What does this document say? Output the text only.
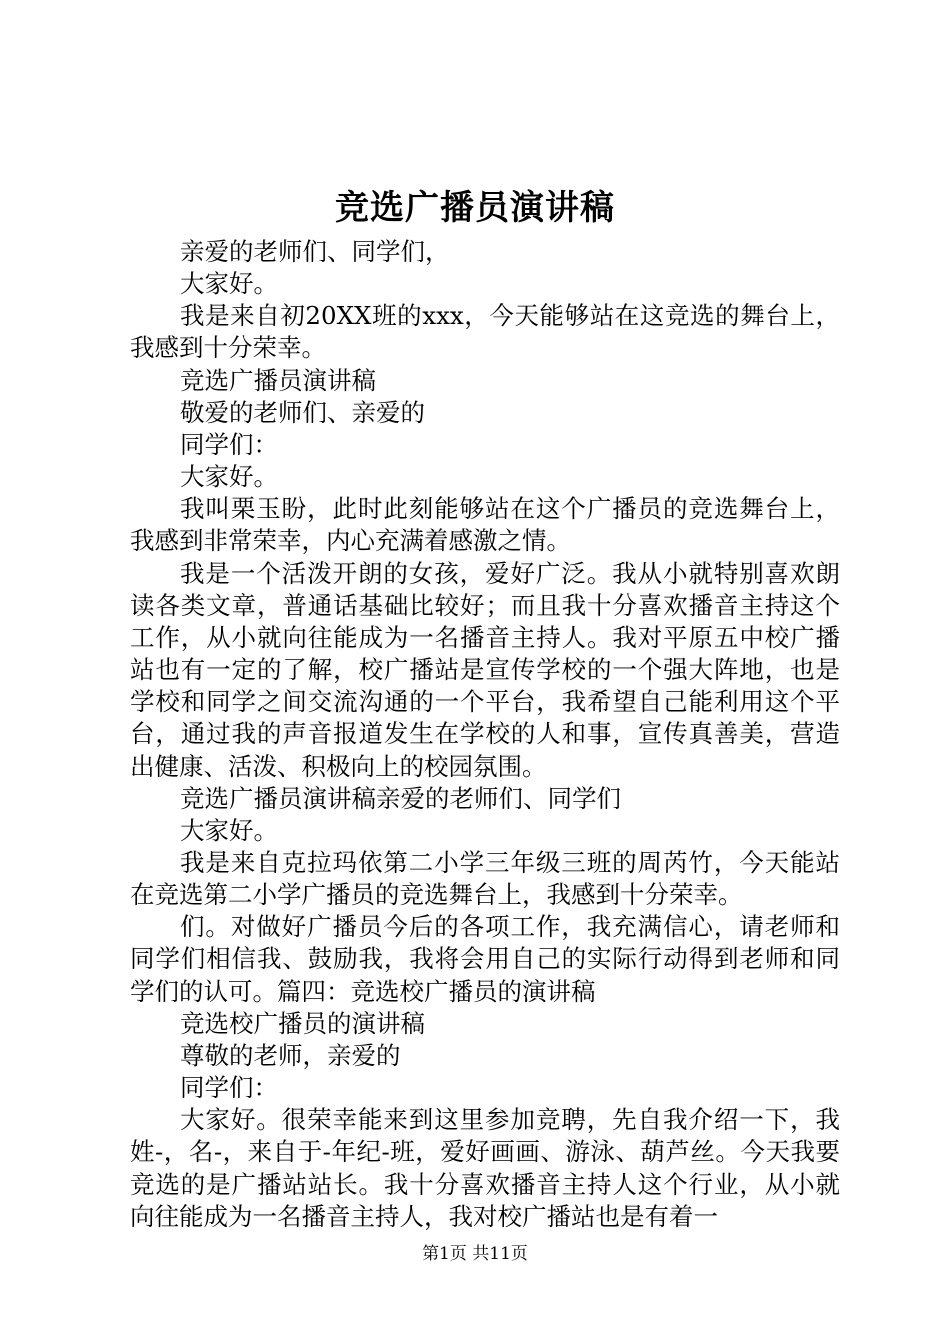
竞选广播员演讲稿

亲爱的老师们、同学们，

大家好。

我是来自初20XX班的xxx，今天能够站在这竞选的舞台上，我感到十分荣幸。

竞选广播员演讲稿

敬爱的老师们、亲爱的

同学们：

大家好。

我叫栗玉盼，此时此刻能够站在这个广播员的竞选舞台上，我感到非常荣幸，内心充满着感激之情。

我是一个活泼开朗的女孩，爱好广泛。我从小就特别喜欢朗读各类文章，普通话基础比较好；而且我十分喜欢播音主持这个工作，从小就向往能成为一名播音主持人。我对平原五中校广播站也有一定的了解，校广播站是宣传学校的一个强大阵地，也是学校和同学之间交流沟通的一个平台，我希望自己能利用这个平台，通过我的声音报道发生在学校的人和事，宣传真善美，营造出健康、活泼、积极向上的校园氛围。

竞选广播员演讲稿亲爱的老师们、同学们

大家好。

我是来自克拉玛依第二小学三年级三班的周芮竹，今天能站在竞选第二小学广播员的竞选舞台上，我感到十分荣幸。

们。对做好广播员今后的各项工作，我充满信心，请老师和同学们相信我、鼓励我，我将会用自己的实际行动得到老师和同学们的认可。篇四：竞选校广播员的演讲稿

竞选校广播员的演讲稿

尊敬的老师，亲爱的

同学们：

大家好。很荣幸能来到这里参加竞聘，先自我介绍一下，我姓-，名-，来自于-年纪-班，爱好画画、游泳、葫芦丝。今天我要竞选的是广播站站长。我十分喜欢播音主持人这个行业，从小就向往能成为一名播音主持人，我对校广播站也是有着一

第1页 共11页
